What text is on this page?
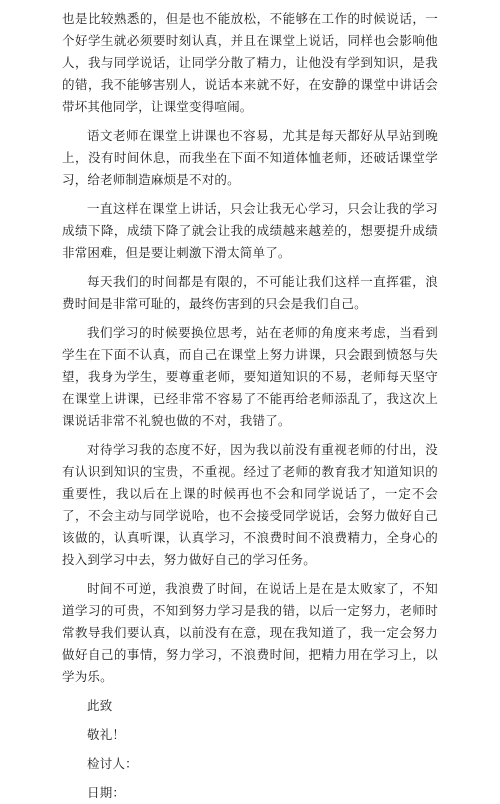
也是比较熟悉的，但是也不能放松，不能够在工作的时候说话，一个好学生就必须要时刻认真，并且在课堂上说话，同样也会影响他人，我与同学说话，让同学分散了精力，让他没有学到知识，是我的错，我不能够害别人，说话本来就不好，在安静的课堂中讲话会带坏其他同学，让课堂变得喧闹。

语文老师在课堂上讲课也不容易，尤其是每天都好从早站到晚上，没有时间休息，而我坐在下面不知道体恤老师，还破话课堂学习，给老师制造麻烦是不对的。

一直这样在课堂上讲话，只会让我无心学习，只会让我的学习成绩下降，成绩下降了就会让我的成绩越来越差的，想要提升成绩非常困难，但是要让刺激下滑太简单了。

每天我们的时间都是有限的，不可能让我们这样一直挥霍，浪费时间是非常可耻的，最终伤害到的只会是我们自己。

我们学习的时候要换位思考，站在老师的角度来考虑，当看到学生在下面不认真，而自己在课堂上努力讲课，只会跟到愤怒与失望，我身为学生，要尊重老师，要知道知识的不易，老师每天坚守在课堂上讲课，已经非常不容易了不能再给老师添乱了，我这次上课说话非常不礼貌也做的不对，我错了。

对待学习我的态度不好，因为我以前没有重视老师的付出，没有认识到知识的宝贵，不重视。经过了老师的教育我才知道知识的重要性，我以后在上课的时候再也不会和同学说话了，一定不会了，不会主动与同学说哈，也不会接受同学说话，会努力做好自己该做的，认真听课，认真学习，不浪费时间不浪费精力，全身心的投入到学习中去，努力做好自己的学习任务。

时间不可逆，我浪费了时间，在说话上是在是太败家了，不知道学习的可贵，不知到努力学习是我的错，以后一定努力，老师时常教导我们要认真，以前没有在意，现在我知道了，我一定会努力做好自己的事情，努力学习，不浪费时间，把精力用在学习上，以学为乐。

此致

敬礼！

检讨人：

日期：
